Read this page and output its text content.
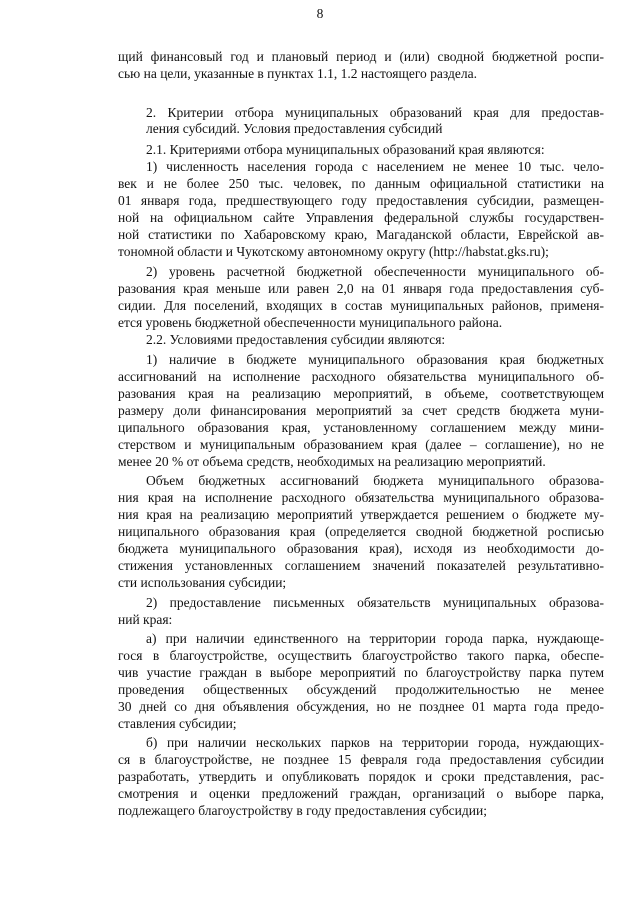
8
щий финансовый год и плановый период и (или) сводной бюджетной роспи-
сью на цели, указанные в пунктах 1.1, 1.2 настоящего раздела.
2. Критерии отбора муниципальных образований края для предостав-
ления субсидий. Условия предоставления субсидий
2.1. Критериями отбора муниципальных образований края являются:
1) численность населения города с населением не менее 10 тыс. чело-
век и не более 250 тыс. человек, по данным официальной статистики на
01 января года, предшествующего году предоставления субсидии, размещен-
ной на официальном сайте Управления федеральной службы государствен-
ной статистики по Хабаровскому краю, Магаданской области, Еврейской ав-
тономной области и Чукотскому автономному округу (http://habstat.gks.ru);
2) уровень расчетной бюджетной обеспеченности муниципального об-
разования края меньше или равен 2,0 на 01 января года предоставления суб-
сидии. Для поселений, входящих в состав муниципальных районов, применя-
ется уровень бюджетной обеспеченности муниципального района.
2.2. Условиями предоставления субсидии являются:
1) наличие в бюджете муниципального образования края бюджетных
ассигнований на исполнение расходного обязательства муниципального об-
разования края на реализацию мероприятий, в объеме, соответствующем
размеру доли финансирования мероприятий за счет средств бюджета муни-
ципального образования края, установленному соглашением между мини-
стерством и муниципальным образованием края (далее – соглашение), но не
менее 20 % от объема средств, необходимых на реализацию мероприятий.
Объем бюджетных ассигнований бюджета муниципального образова-
ния края на исполнение расходного обязательства муниципального образова-
ния края на реализацию мероприятий утверждается решением о бюджете му-
ниципального образования края (определяется сводной бюджетной росписью
бюджета муниципального образования края), исходя из необходимости до-
стижения установленных соглашением значений показателей результативно-
сти использования субсидии;
2) предоставление письменных обязательств муниципальных образова-
ний края:
а) при наличии единственного на территории города парка, нуждающе-
гося в благоустройстве, осуществить благоустройство такого парка, обеспе-
чив участие граждан в выборе мероприятий по благоустройству парка путем
проведения общественных обсуждений продолжительностью не менее
30 дней со дня объявления обсуждения, но не позднее 01 марта года предо-
ставления субсидии;
б) при наличии нескольких парков на территории города, нуждающих-
ся в благоустройстве, не позднее 15 февраля года предоставления субсидии
разработать, утвердить и опубликовать порядок и сроки представления, рас-
смотрения и оценки предложений граждан, организаций о выборе парка,
подлежащего благоустройству в году предоставления субсидии;
